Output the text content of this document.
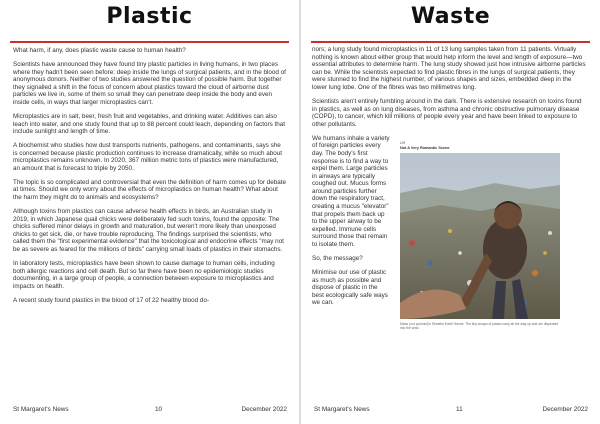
Plastic

What harm, if any, does plastic waste cause to human health?

Scientists have announced they have found tiny plastic particles in living humans, in two places where they hadn't been seen before: deep inside the lungs of surgical patients, and in the blood of anonymous donors. Neither of two studies answered the question of possible harm. But together they signalled a shift in the focus of concern about plastics toward the cloud of airborne dust particles we live in, some of them so small they can penetrate deep inside the body and even inside cells, in ways that larger microplastics can't.

Microplastics are in salt, beer, fresh fruit and vegetables, and drinking water. Additives can also leach into water, and one study found that up to 88 percent could leach, depending on factors that include sunlight and length of time.

A biochemist who studies how dust transports nutrients, pathogens, and contaminants, says she is concerned because plastic production continues to increase dramatically, while so much about microplastics remains unknown. In 2020, 367 million metric tons of plastics were manufactured, an amount that is forecast to triple by 2050.

The topic is so complicated and controversial that even the definition of harm comes up for debate at times. Should we only worry about the effects of microplastics on human health? What about the harm they might do to animals and ecosystems?

Although toxins from plastics can cause adverse health effects in birds, an Australian study in 2019, in which Japanese quail chicks were deliberately fed such toxins, found the opposite: The chicks suffered minor delays in growth and maturation, but weren't more likely than unexposed chicks to get sick, die, or have trouble reproducing. The findings surprised the scientists, who called them the "first experimental evidence" that the toxicological and endocrine effects "may not be as severe as feared for the millions of birds" carrying small loads of plastics in their stomachs.

In laboratory tests, microplastics have been shown to cause damage to human cells, including both allergic reactions and cell death. But so far there have been no epidemiologic studies documenting, in a large group of people, a connection between exposure to microplastics and impacts on health.

A recent study found plastics in the blood of 17 of 22 healthy blood do-

St Margaret's News	10	December 2022
Waste

nors; a lung study found microplastics in 11 of 13 lung samples taken from 11 patients. Virtually nothing is known about either group that would help inform the level and length of exposure—two essential attributes to determine harm. The lung study showed just how intrusive airborne particles can be. While the scientists expected to find plastic fibres in the lungs of surgical patients, they were stunned to find the highest number, of various shapes and sizes, embedded deep in the lower lung lobe. One of the fibres was two millimetres long.

Scientists aren't entirely fumbling around in the dark. There is extensive research on toxins found in plastics, as well as on lung diseases, from asthma and chronic obstructive pulmonary disease (COPD), to cancer, which kill millions of people every year and have been linked to exposure to other pollutants.

We humans inhale a variety of foreign particles every day. The body's first response is to find a way to expel them. Large particles in airways are typically coughed out. Mucus forms around particles further down the respiratory tract, creating a mucus "elevator" that propels them back up to the upper airway to be expelled. Immune cells surround those that remain to isolate them.

So, the message?

Minimise our use of plastic as much as possible and dispose of plastic in the best ecologically safe ways we can.

UH
Not A Very Romantic Scene
Manu (not pictured)'s 'Breathe Earth' theme. The tiny scraps of plastic carry all the way up and are dispersed into the wind.
St Margaret's News	11	December 2022
